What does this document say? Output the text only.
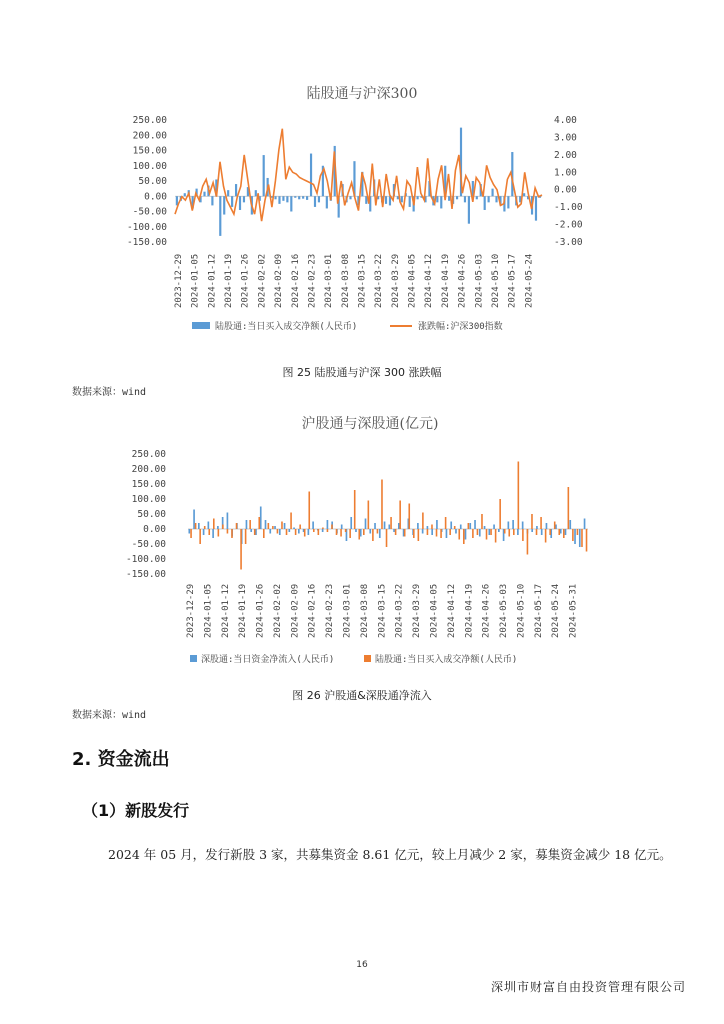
陆股通与沪深300
250.00
200.00
150.00
100.00
50.00
0.00
-50.00
-100.00
-150.00
4.00
3.00
2.00
1.00
0.00
-1.00
-2.00
-3.00
2023-12-29 2024-01-05 2024-01-12 2024-01-19 2024-01-26 2024-02-02 2024-02-09 2024-02-16 2024-02-23 2024-03-01 2024-03-08 2024-03-15 2024-03-22 2024-03-29 2024-04-05 2024-04-12 2024-04-19 2024-04-26 2024-05-03 2024-05-10 2024-05-17 2024-05-24
陆股通:当日买入成交净额(人民币)	涨跌幅:沪深300指数
图 25 陆股通与沪深 300 涨跌幅
数据来源：wind
沪股通与深股通(亿元)
250.00
200.00
150.00
100.00
50.00
0.00
-50.00
-100.00
-150.00
2023-12-29 2024-01-05 2024-01-12 2024-01-19 2024-01-26 2024-02-02 2024-02-09 2024-02-16 2024-02-23 2024-03-01 2024-03-08 2024-03-15 2024-03-22 2024-03-29 2024-04-05 2024-04-12 2024-04-19 2024-04-26 2024-05-03 2024-05-10 2024-05-17 2024-05-24 2024-05-31
深股通:当日资金净流入(人民币)	陆股通:当日买入成交净额(人民币)
图 26 沪股通&深股通净流入
数据来源：wind
2. 资金流出
（1）新股发行
2024 年 05 月，发行新股 3 家，共募集资金 8.61 亿元，较上月减少 2 家，募集资金减少 18 亿元。
16
深圳市财富自由投资管理有限公司
